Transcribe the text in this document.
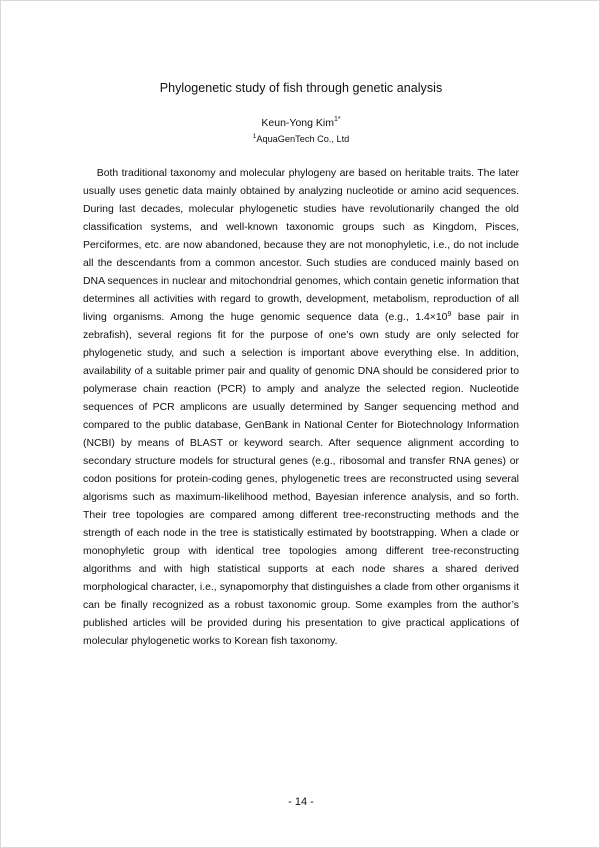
Phylogenetic study of fish through genetic analysis
Keun-Yong Kim$^{1*}$
$^1$AquaGenTech Co., Ltd

Both traditional taxonomy and molecular phylogeny are based on heritable traits. The later usually uses genetic data mainly obtained by analyzing nucleotide or amino acid sequences. During last decades, molecular phylogenetic studies have revolutionarily changed the old classification systems, and well-known taxonomic groups such as Kingdom, Pisces, Perciformes, etc. are now abandoned, because they are not monophyletic, i.e., do not include all the descendants from a common ancestor. Such studies are conduced mainly based on DNA sequences in nuclear and mitochondrial genomes, which contain genetic information that determines all activities with regard to growth, development, metabolism, reproduction of all living organisms. Among the huge genomic sequence data (e.g., $1.4\times 10^9$ base pair in zebrafish), several regions fit for the purpose of one’s own study are only selected for phylogenetic study, and such a selection is important above everything else. In addition, availability of a suitable primer pair and quality of genomic DNA should be considered prior to polymerase chain reaction (PCR) to amply and analyze the selected region. Nucleotide sequences of PCR amplicons are usually determined by Sanger sequencing method and compared to the public database, GenBank in National Center for Biotechnology Information (NCBI) by means of BLAST or keyword search. After sequence alignment according to secondary structure models for structural genes (e.g., ribosomal and transfer RNA genes) or codon positions for protein-coding genes, phylogenetic trees are reconstructed using several algorisms such as maximum-likelihood method, Bayesian inference analysis, and so forth. Their tree topologies are compared among different tree-reconstructing methods and the strength of each node in the tree is statistically estimated by bootstrapping. When a clade or monophyletic group with identical tree topologies among different tree-reconstructing algorithms and with high statistical supports at each node shares a shared derived morphological character, i.e., synapomorphy that distinguishes a clade from other organisms it can be finally recognized as a robust taxonomic group. Some examples from the author’s published articles will be provided during his presentation to give practical applications of molecular phylogenetic works to Korean fish taxonomy.

- 14 -
